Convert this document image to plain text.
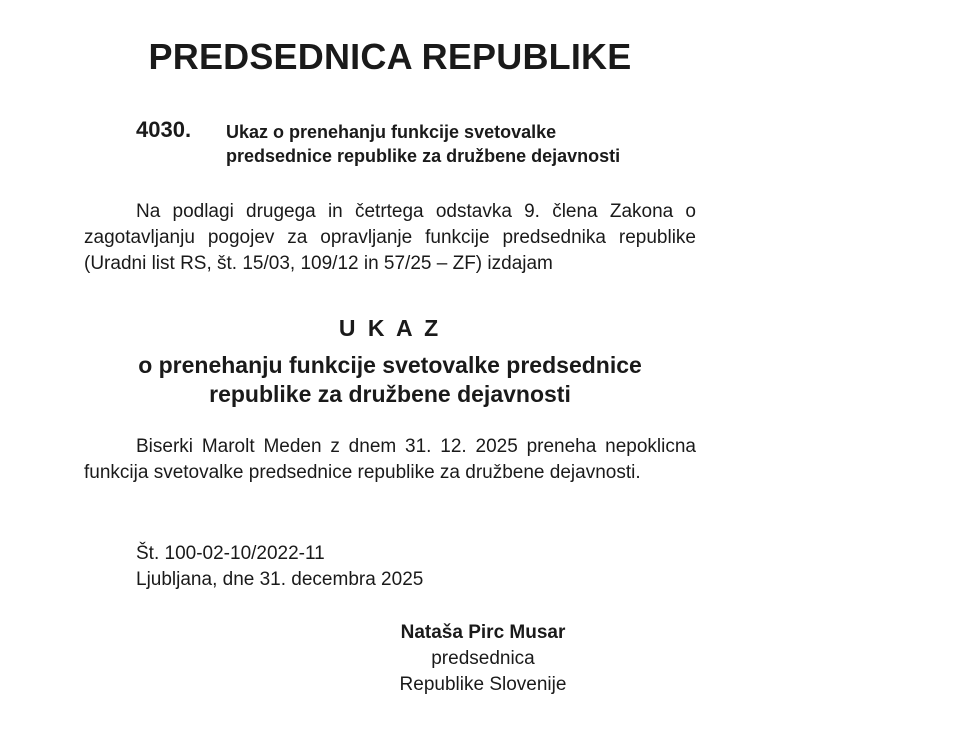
PREDSEDNICA REPUBLIKE
4030. Ukaz o prenehanju funkcije svetovalke
predsednice republike za družbene dejavnosti

Na podlagi drugega in četrtega odstavka 9. člena Zakona o zagotavljanju pogojev za opravljanje funkcije predsednika republike (Uradni list RS, št. 15/03, 109/12 in 57/25 – ZF) izdajam

U K A Z
o prenehanju funkcije svetovalke predsednice
republike za družbene dejavnosti

Biserki Marolt Meden z dnem 31. 12. 2025 preneha nepoklicna funkcija svetovalke predsednice republike za družbene dejavnosti.

Št. 100-02-10/2022-11
Ljubljana, dne 31. decembra 2025
Nataša Pirc Musar
predsednica
Republike Slovenije
